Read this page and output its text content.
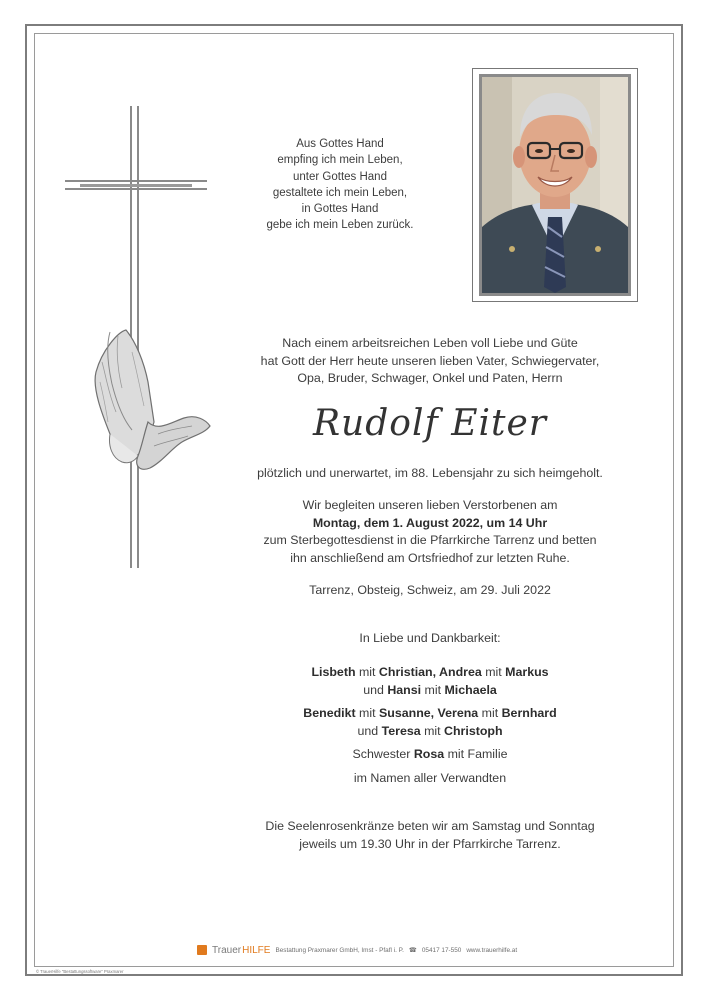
Aus Gottes Hand
empfing ich mein Leben,
unter Gottes Hand
gestaltete ich mein Leben,
in Gottes Hand
gebe ich mein Leben zurück.
Nach einem arbeitsreichen Leben voll Liebe und Güte
hat Gott der Herr heute unseren lieben Vater, Schwiegervater,
Opa, Bruder, Schwager, Onkel und Paten, Herrn
Rudolf Eiter
plötzlich und unerwartet, im 88. Lebensjahr zu sich heimgeholt.
Wir begleiten unseren lieben Verstorbenen am
Montag, dem 1. August 2022, um 14 Uhr
zum Sterbegottesdienst in die Pfarrkirche Tarrenz und betten
ihn anschließend am Ortsfriedhof zur letzten Ruhe.
Tarrenz, Obsteig, Schweiz, am 29. Juli 2022
In Liebe und Dankbarkeit:
Lisbeth mit Christian, Andrea mit Markus
und Hansi mit Michaela
Benedikt mit Susanne, Verena mit Bernhard
und Teresa mit Christoph
Schwester Rosa mit Familie
im Namen aller Verwandten
Die Seelenrosenkränze beten wir am Samstag und Sonntag
jeweils um 19.30 Uhr in der Pfarrkirche Tarrenz.
Trauer HILFE Bestattung Praxmarer GmbH, Imst - Pfafl i. P. ☎ 05417 17-550 www.trauerhilfe.at
© TrauerHilfe "Bestattungssoftware" Praxmarer
